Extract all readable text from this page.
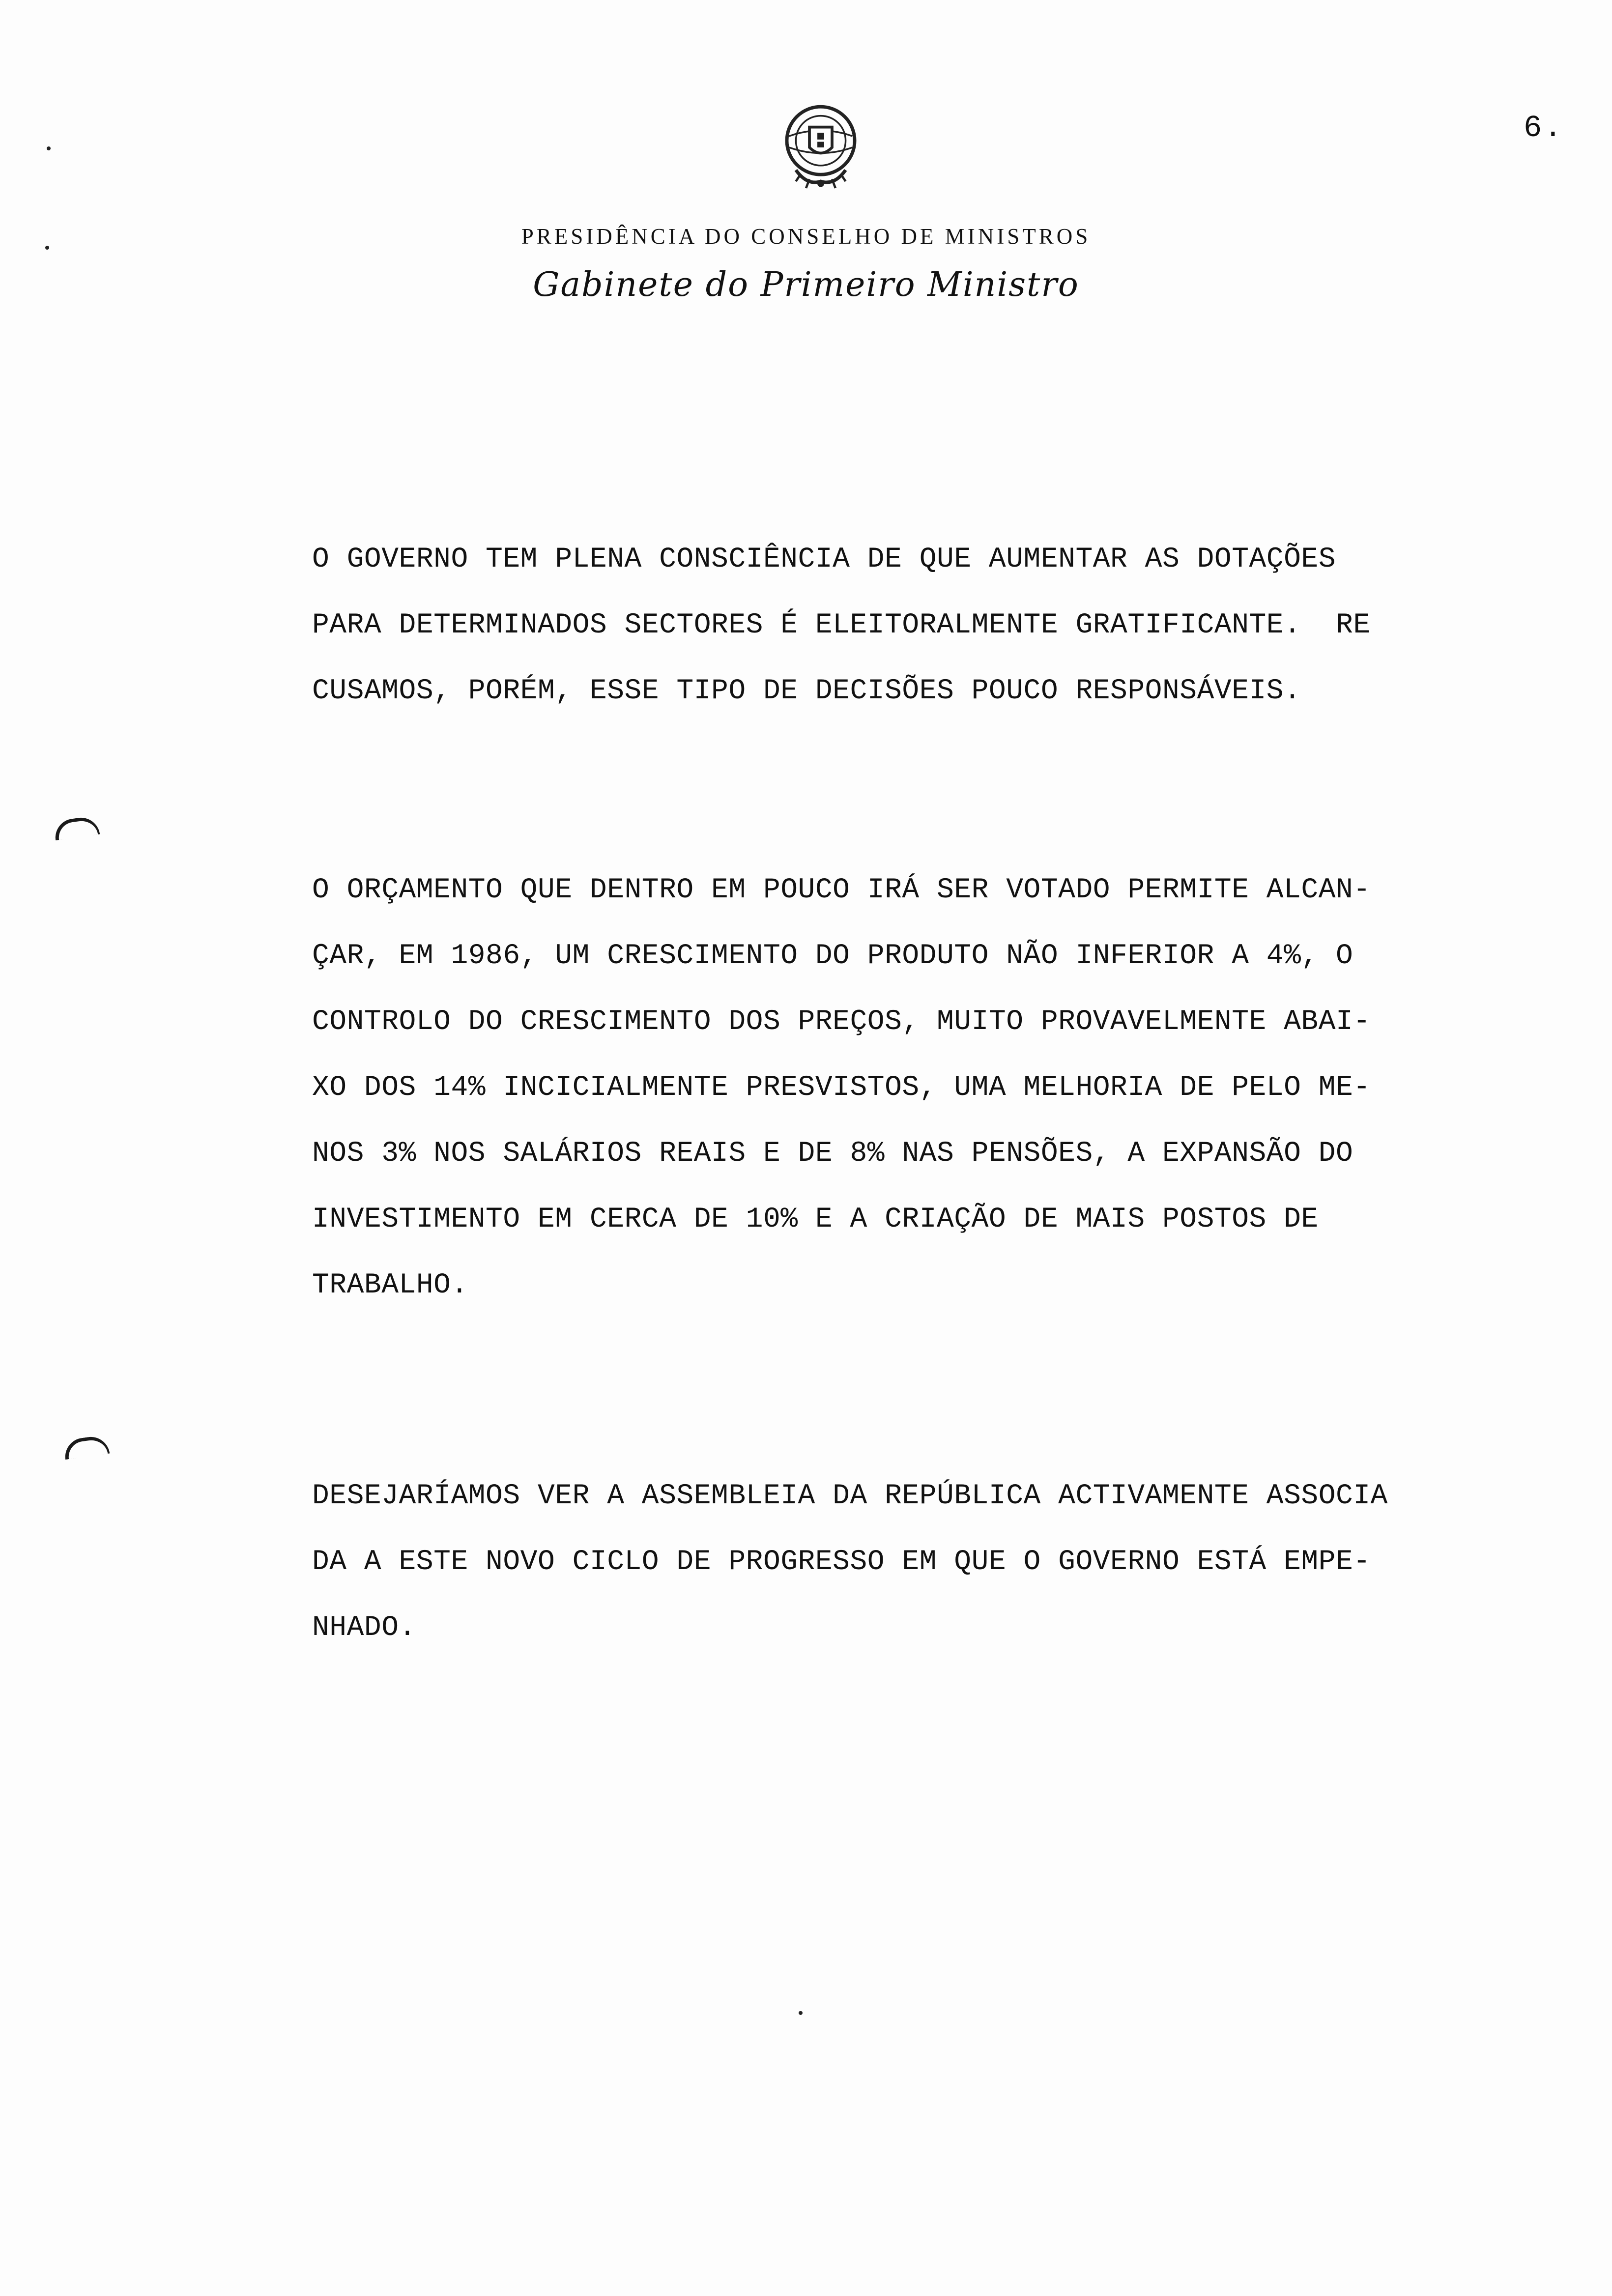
6.
PRESIDÊNCIA DO CONSELHO DE MINISTROS
Gabinete do Primeiro Ministro
O GOVERNO TEM PLENA CONSCIÊNCIA DE QUE AUMENTAR AS DOTAÇÕES
PARA DETERMINADOS SECTORES É ELEITORALMENTE GRATIFICANTE.  RE
CUSAMOS, PORÉM, ESSE TIPO DE DECISÕES POUCO RESPONSÁVEIS.
O ORÇAMENTO QUE DENTRO EM POUCO IRÁ SER VOTADO PERMITE ALCAN-
ÇAR, EM 1986, UM CRESCIMENTO DO PRODUTO NÃO INFERIOR A 4%, O
CONTROLO DO CRESCIMENTO DOS PREÇOS, MUITO PROVAVELMENTE ABAI-
XO DOS 14% INCICIALMENTE PRESVISTOS, UMA MELHORIA DE PELO ME-
NOS 3% NOS SALÁRIOS REAIS E DE 8% NAS PENSÕES, A EXPANSÃO DO
INVESTIMENTO EM CERCA DE 10% E A CRIAÇÃO DE MAIS POSTOS DE
TRABALHO.
DESEJARÍAMOS VER A ASSEMBLEIA DA REPÚBLICA ACTIVAMENTE ASSOCIA
DA A ESTE NOVO CICLO DE PROGRESSO EM QUE O GOVERNO ESTÁ EMPE-
NHADO.
